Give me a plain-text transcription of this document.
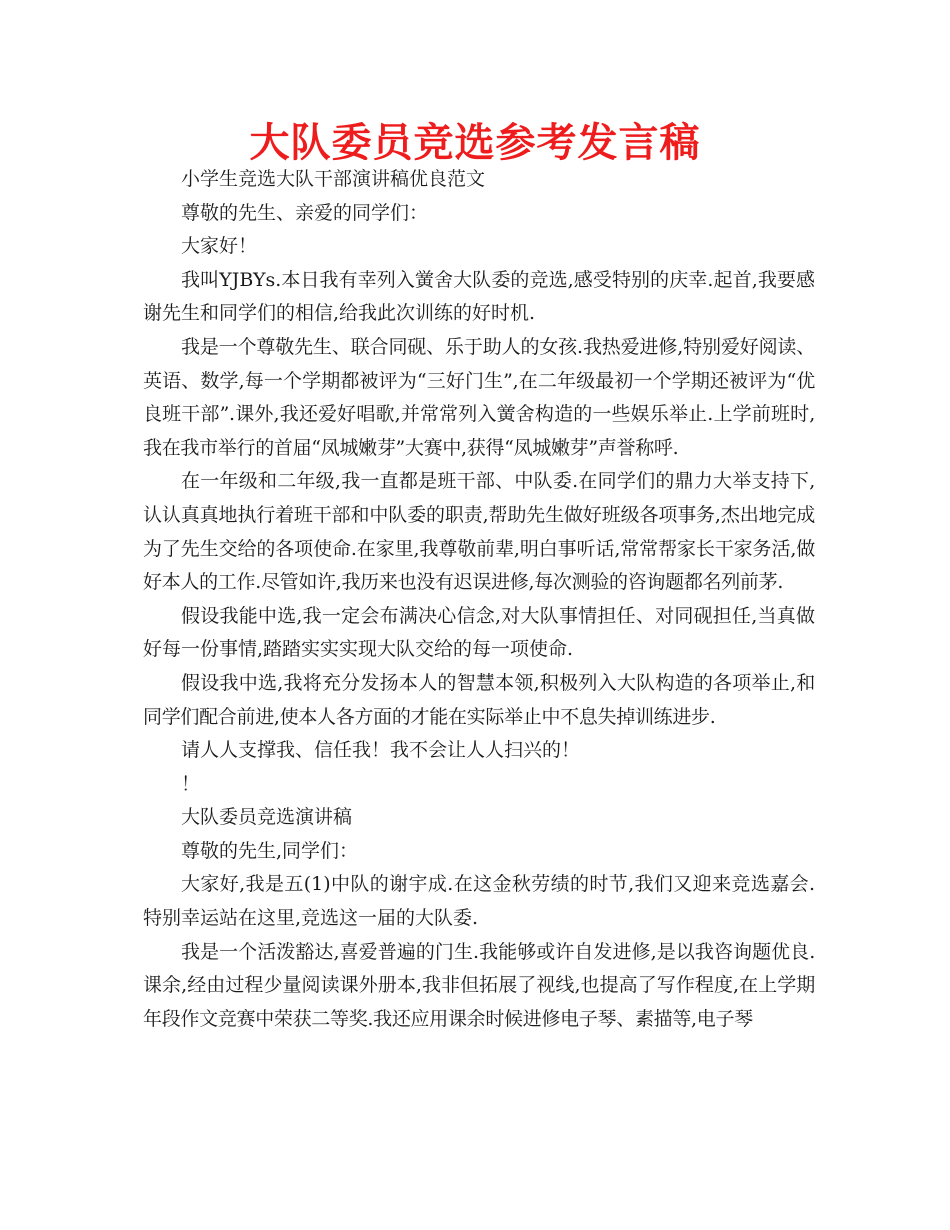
大队委员竞选参考发言稿

小学生竞选大队干部演讲稿优良范文

尊敬的先生、亲爱的同学们：

大家好！

我叫YJBYs.本日我有幸列入黉舍大队委的竞选,感受特别的庆幸.起首,我要感谢先生和同学们的相信,给我此次训练的好时机.

我是一个尊敬先生、联合同砚、乐于助人的女孩.我热爱进修,特别爱好阅读、英语、数学,每一个学期都被评为“三好门生”,在二年级最初一个学期还被评为“优良班干部”.课外,我还爱好唱歌,并常常列入黉舍构造的一些娱乐举止.上学前班时,我在我市举行的首届“凤城嫩芽”大赛中,获得“凤城嫩芽”声誉称呼.

在一年级和二年级,我一直都是班干部、中队委.在同学们的鼎力大举支持下,认认真真地执行着班干部和中队委的职责,帮助先生做好班级各项事务,杰出地完成为了先生交给的各项使命.在家里,我尊敬前辈,明白事听话,常常帮家长干家务活,做好本人的工作.尽管如许,我历来也没有迟误进修,每次测验的咨询题都名列前茅.

假设我能中选,我一定会布满决心信念,对大队事情担任、对同砚担任,当真做好每一份事情,踏踏实实实现大队交给的每一项使命.

假设我中选,我将充分发扬本人的智慧本领,积极列入大队构造的各项举止,和同学们配合前进,使本人各方面的才能在实际举止中不息失掉训练进步.

请人人支撑我、信任我！我不会让人人扫兴的！

！

大队委员竞选演讲稿

尊敬的先生,同学们：

大家好,我是五(1)中队的谢宇成.在这金秋劳绩的时节,我们又迎来竞选嘉会.特别幸运站在这里,竞选这一届的大队委.

我是一个活泼豁达,喜爱普遍的门生.我能够或许自发进修,是以我咨询题优良.课余,经由过程少量阅读课外册本,我非但拓展了视线,也提高了写作程度,在上学期年段作文竞赛中荣获二等奖.我还应用课余时候进修电子琴、素描等,电子琴
